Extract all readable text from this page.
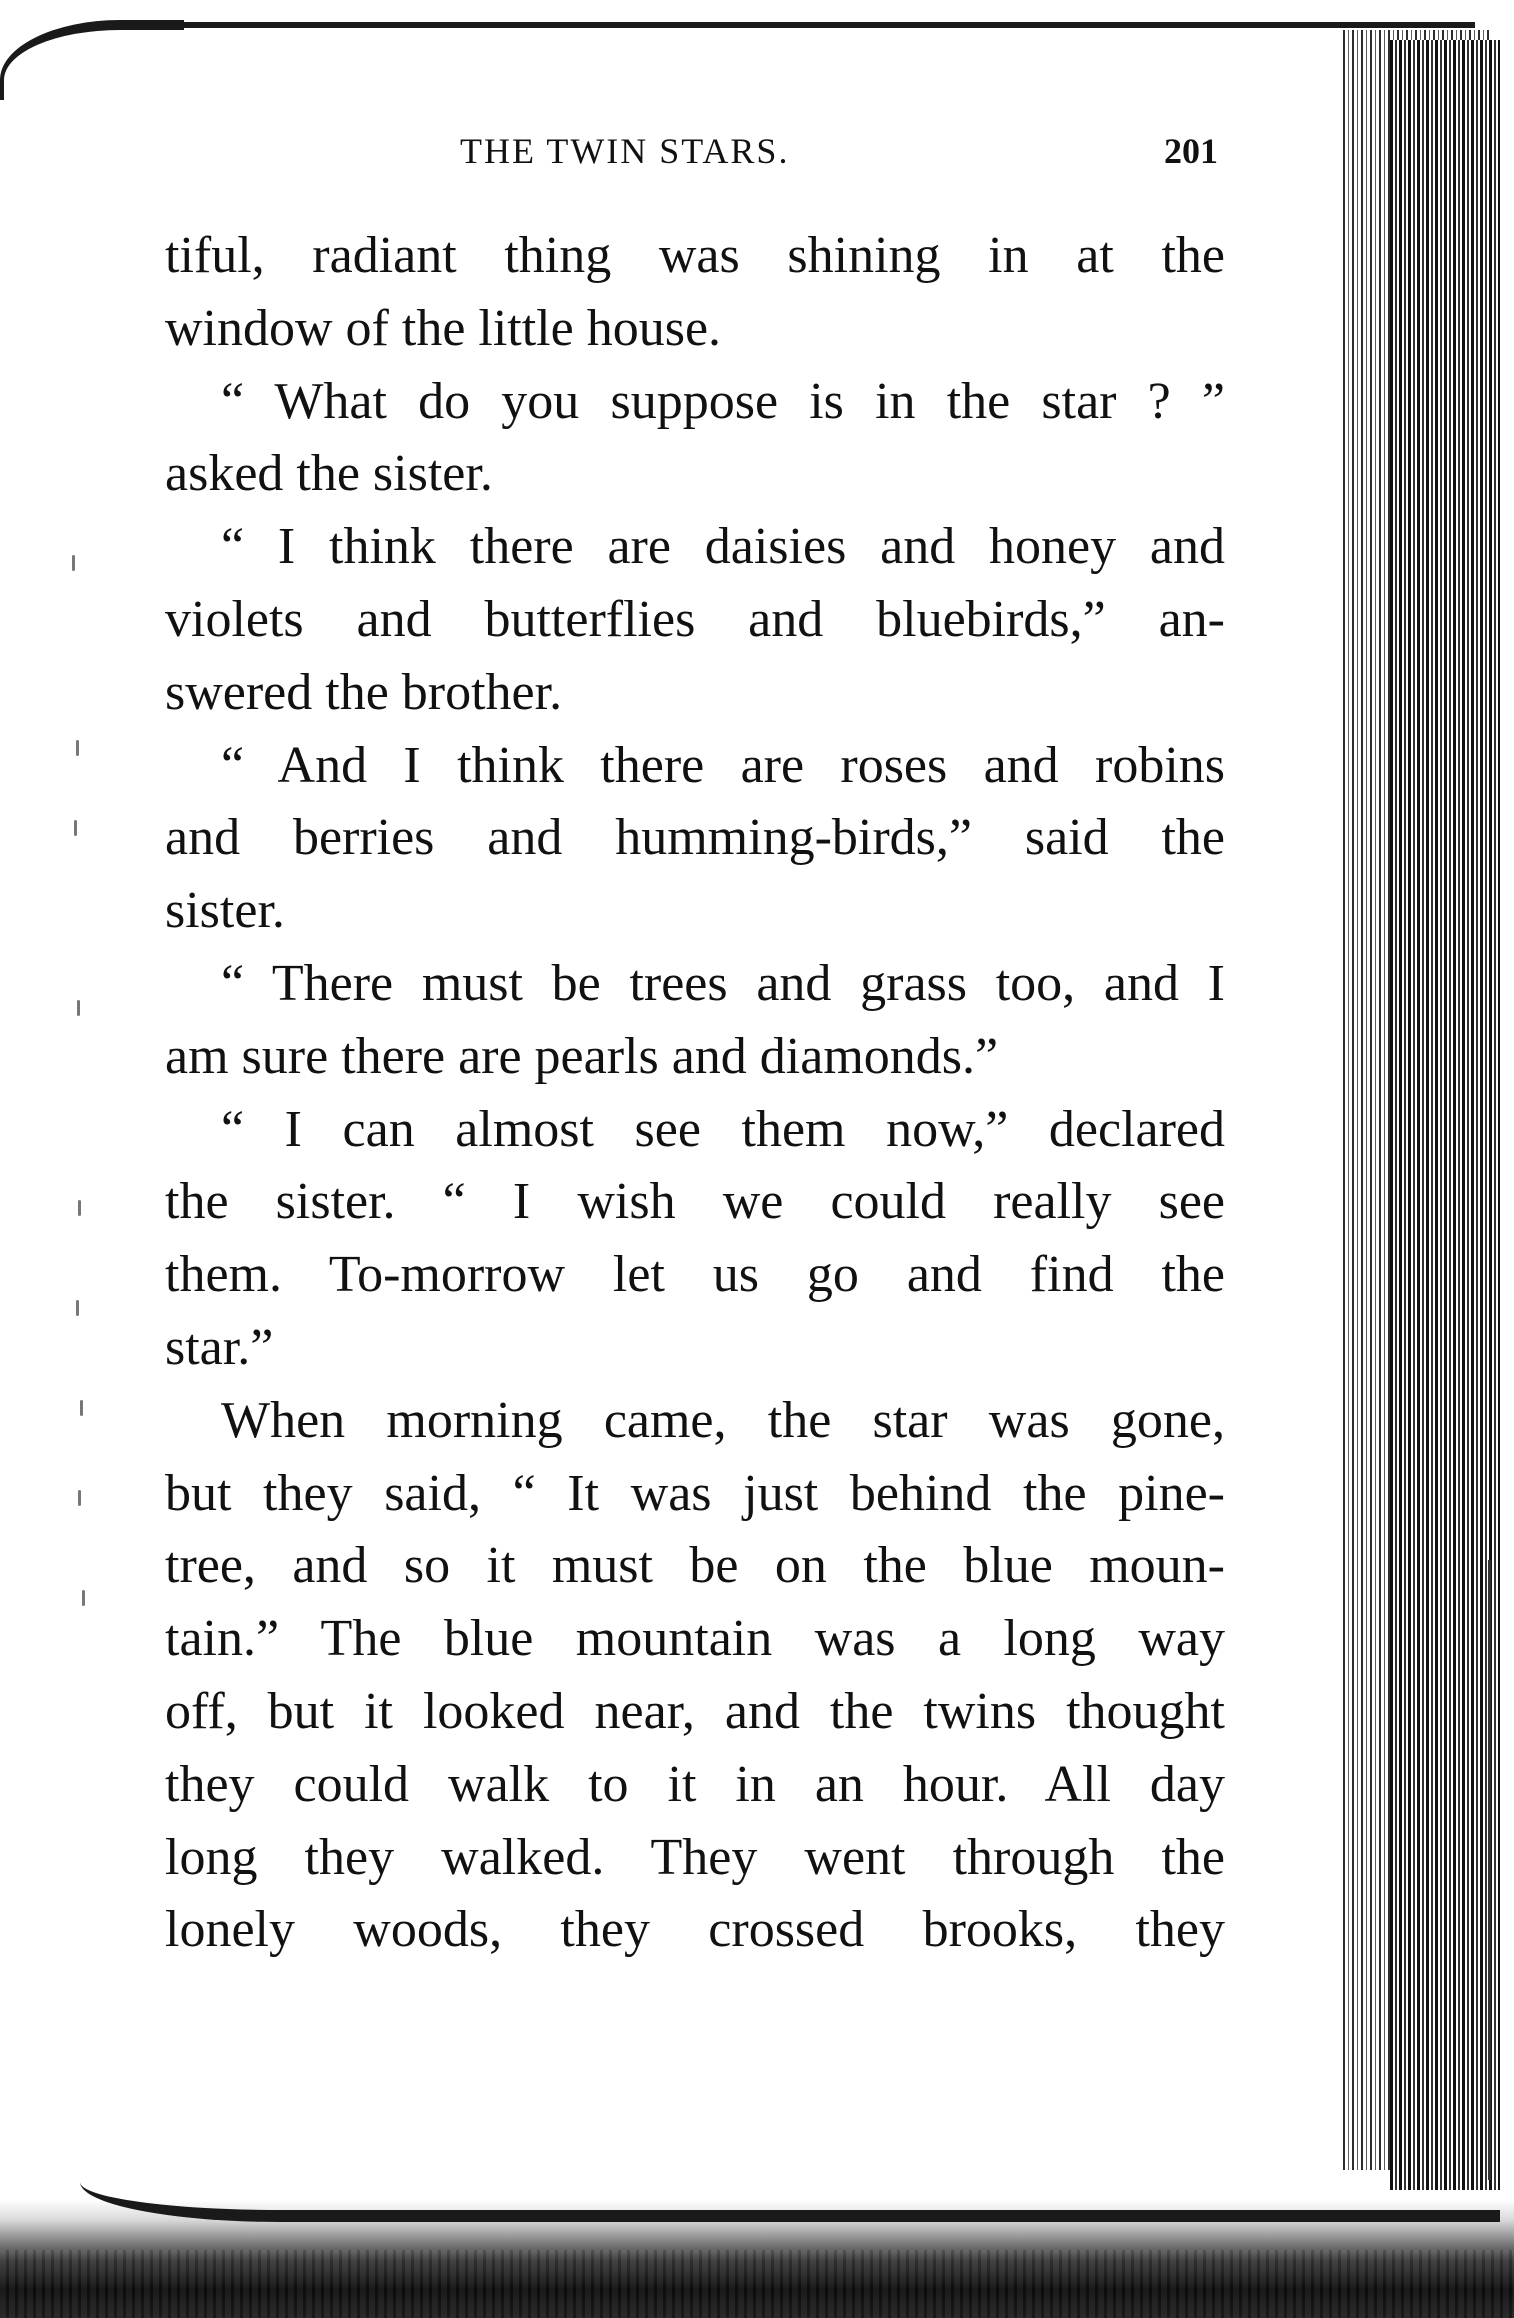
THE TWIN STARS.	201
tiful, radiant thing was shining in at the
window of the little house.
“ What do you suppose is in the star ? ”
asked the sister.
“ I think there are daisies and honey and
violets and butterflies and bluebirds,” an-
swered the brother.
“ And I think there are roses and robins
and berries and humming-birds,” said the
sister.
“ There must be trees and grass too, and I
am sure there are pearls and diamonds.”
“ I can almost see them now,” declared
the sister. “ I wish we could really see
them. To-morrow let us go and find the
star.”
When morning came, the star was gone,
but they said, “ It was just behind the pine-
tree, and so it must be on the blue moun-
tain.” The blue mountain was a long way
off, but it looked near, and the twins thought
they could walk to it in an hour. All day
long they walked. They went through the
lonely woods, they crossed brooks, they
